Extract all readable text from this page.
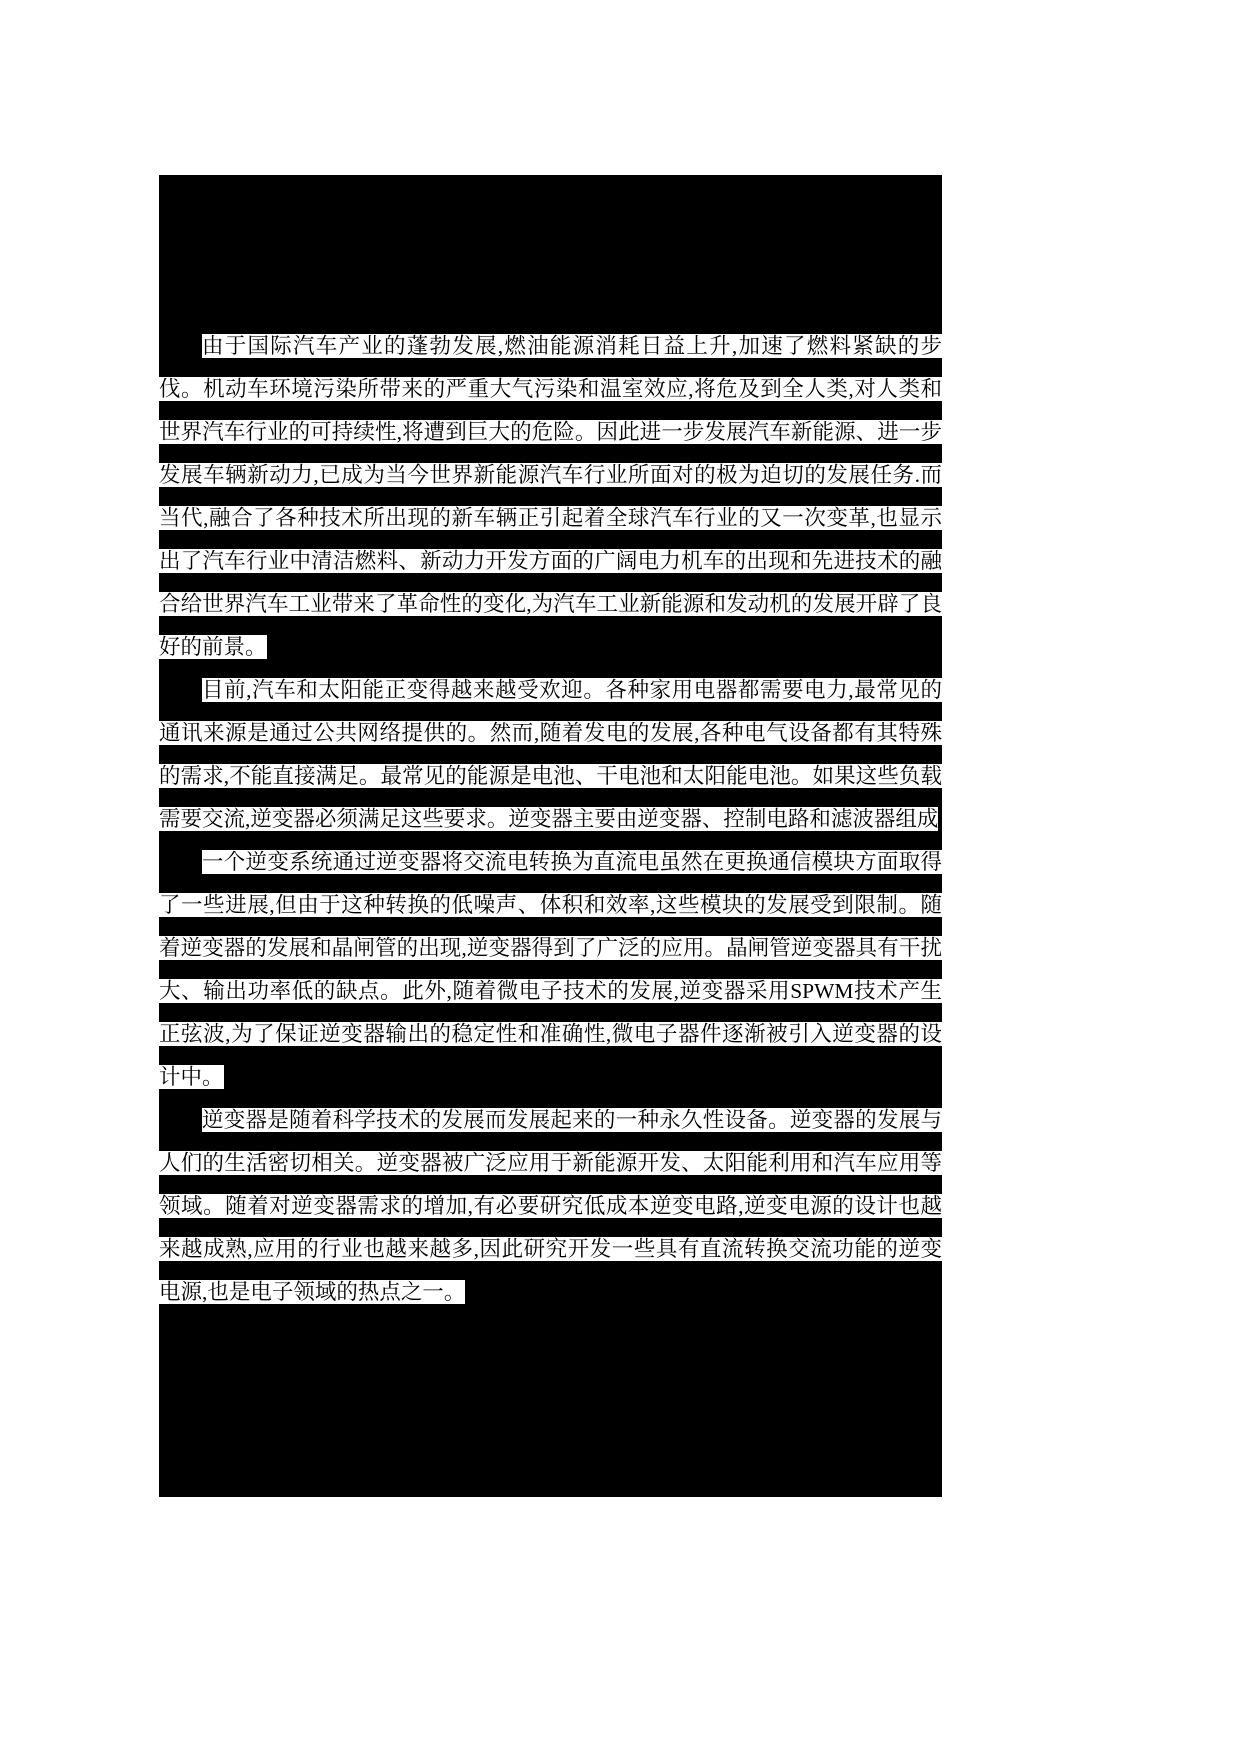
由于国际汽车产业的蓬勃发展,燃油能源消耗日益上升,加速了燃料紧缺的步伐。机动车环境污染所带来的严重大气污染和温室效应,将危及到全人类,对人类和世界汽车行业的可持续性,将遭到巨大的危险。因此进一步发展汽车新能源、进一步发展车辆新动力,已成为当今世界新能源汽车行业所面对的极为迫切的发展任务.而当代,融合了各种技术所出现的新车辆正引起着全球汽车行业的又一次变革,也显示出了汽车行业中清洁燃料、新动力开发方面的广阔电力机车的出现和先进技术的融合给世界汽车工业带来了革命性的变化,为汽车工业新能源和发动机的发展开辟了良好的前景。

目前,汽车和太阳能正变得越来越受欢迎。各种家用电器都需要电力,最常见的通讯来源是通过公共网络提供的。然而,随着发电的发展,各种电气设备都有其特殊的需求,不能直接满足。最常见的能源是电池、干电池和太阳能电池。如果这些负载需要交流,逆变器必须满足这些要求。逆变器主要由逆变器、控制电路和滤波器组成

一个逆变系统通过逆变器将交流电转换为直流电虽然在更换通信模块方面取得了一些进展,但由于这种转换的低噪声、体积和效率,这些模块的发展受到限制。随着逆变器的发展和晶闸管的出现,逆变器得到了广泛的应用。晶闸管逆变器具有干扰大、输出功率低的缺点。此外,随着微电子技术的发展,逆变器采用SPWM技术产生正弦波,为了保证逆变器输出的稳定性和准确性,微电子器件逐渐被引入逆变器的设计中。

逆变器是随着科学技术的发展而发展起来的一种永久性设备。逆变器的发展与人们的生活密切相关。逆变器被广泛应用于新能源开发、太阳能利用和汽车应用等领域。随着对逆变器需求的增加,有必要研究低成本逆变电路,逆变电源的设计也越来越成熟,应用的行业也越来越多,因此研究开发一些具有直流转换交流功能的逆变电源,也是电子领域的热点之一。
